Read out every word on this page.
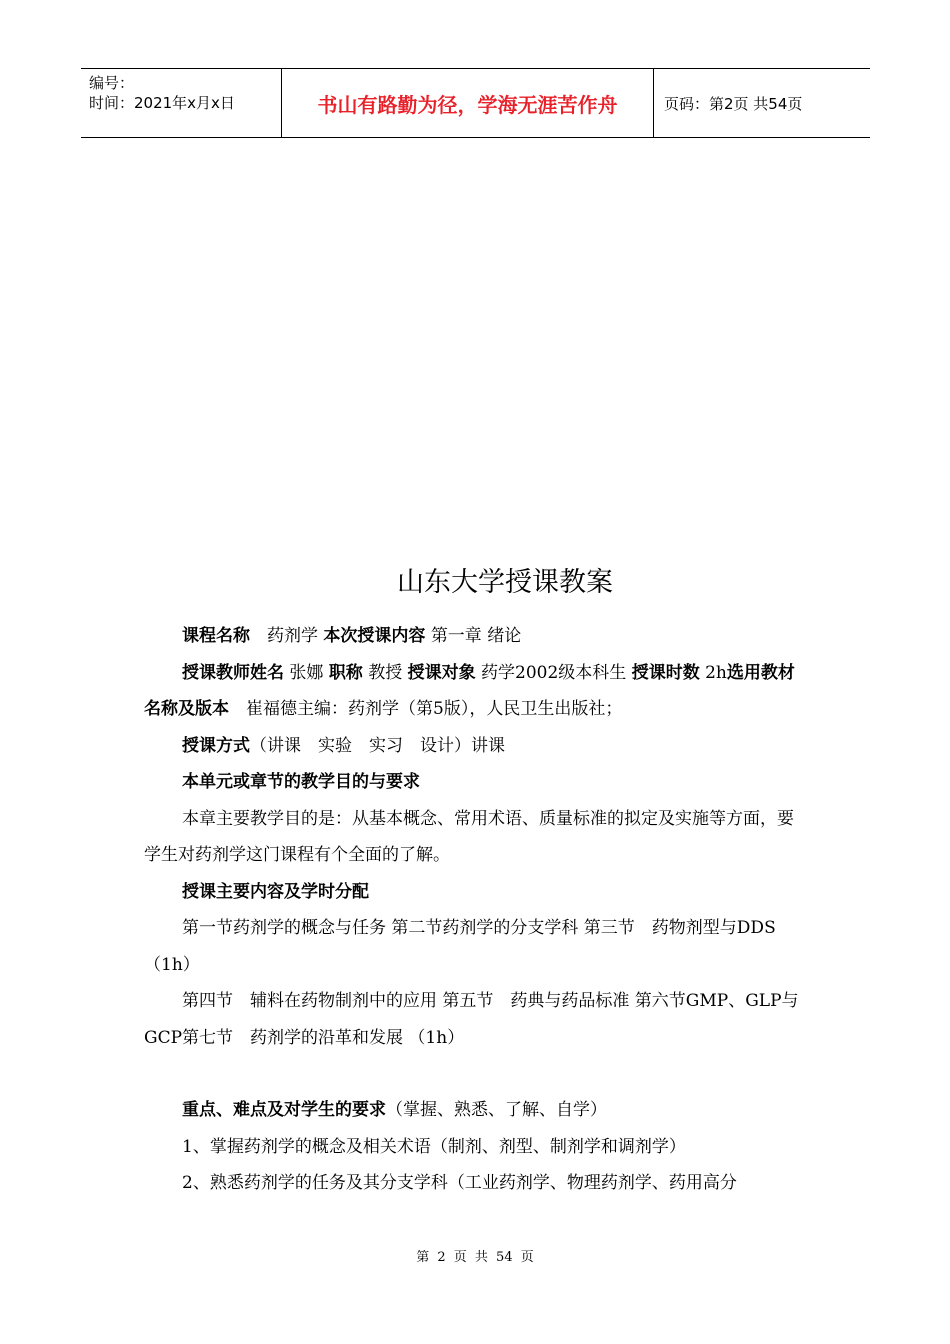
编号：
时间：2021年x月x日	书山有路勤为径，学海无涯苦作舟	页码：第2页 共54页
山东大学授课教案

课程名称　 药剂学 本次授课内容 第一章 绪论

授课教师姓名 张娜 职称 教授 授课对象 药学2002级本科生 授课时数 2h选用教材名称及版本　 崔福德主编：药剂学（第5版），人民卫生出版社；

授课方式（讲课　实验　实习　设计）讲课

本单元或章节的教学目的与要求

本章主要教学目的是：从基本概念、常用术语、质量标准的拟定及实施等方面，要学生对药剂学这门课程有个全面的了解。

授课主要内容及学时分配

第一节药剂学的概念与任务 第二节药剂学的分支学科 第三节　药物剂型与DDS （1h）

第四节　辅料在药物制剂中的应用 第五节　药典与药品标准 第六节GMP、GLP与GCP第七节　药剂学的沿革和发展 （1h）

重点、难点及对学生的要求（掌握、熟悉、了解、自学）

1、掌握药剂学的概念及相关术语（制剂、剂型、制剂学和调剂学）

2、熟悉药剂学的任务及其分支学科（工业药剂学、物理药剂学、药用高分

第 2 页 共 54 页
